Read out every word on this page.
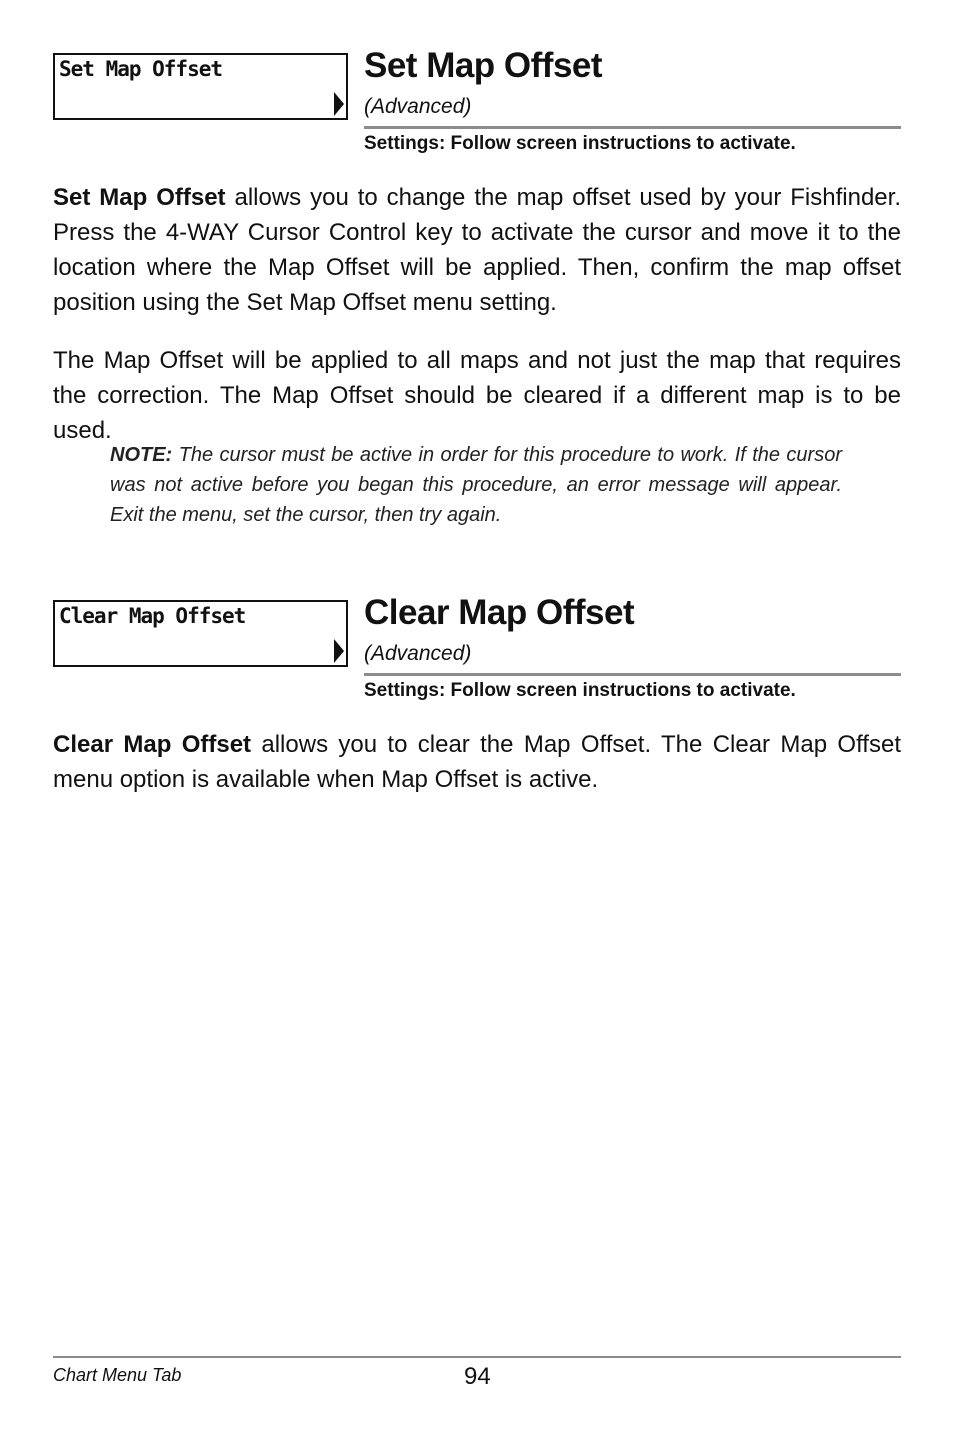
Set Map Offset	Set Map Offset
(Advanced)
Settings: Follow screen instructions to activate.

Set Map Offset allows you to change the map offset used by your Fishfinder. Press the 4-WAY Cursor Control key to activate the cursor and move it to the location where the Map Offset will be applied. Then, confirm the map offset position using the Set Map Offset menu setting.

The Map Offset will be applied to all maps and not just the map that requires the correction. The Map Offset should be cleared if a different map is to be used.

NOTE: The cursor must be active in order for this procedure to work. If the cursor was not active before you began this procedure, an error message will appear. Exit the menu, set the cursor, then try again.

Clear Map Offset	Clear Map Offset
(Advanced)
Settings: Follow screen instructions to activate.

Clear Map Offset allows you to clear the Map Offset. The Clear Map Offset menu option is available when Map Offset is active.

Chart Menu Tab	94
